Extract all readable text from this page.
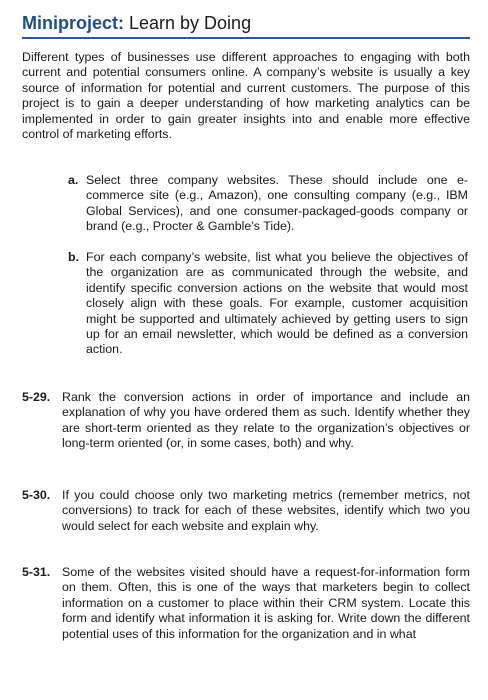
Miniproject: Learn by Doing
Different types of businesses use different approaches to engaging with both current and potential consumers online. A company’s website is usually a key source of information for potential and current customers. The purpose of this project is to gain a deeper understanding of how marketing analytics can be implemented in order to gain greater insights into and enable more effective control of marketing efforts.
a. Select three company websites. These should include one e-commerce site (e.g., Amazon), one consulting company (e.g., IBM Global Services), and one consumer-packaged-goods company or brand (e.g., Procter & Gamble’s Tide).
b. For each company’s website, list what you believe the objectives of the organization are as communicated through the website, and identify specific conversion actions on the website that would most closely align with these goals. For example, customer acquisition might be supported and ultimately achieved by getting users to sign up for an email newsletter, which would be defined as a conversion action.
5-29. Rank the conversion actions in order of importance and include an explanation of why you have ordered them as such. Identify whether they are short-term oriented as they relate to the organization’s objectives or long-term oriented (or, in some cases, both) and why.
5-30. If you could choose only two marketing metrics (remember metrics, not conversions) to track for each of these websites, identify which two you would select for each website and explain why.
5-31. Some of the websites visited should have a request-for-information form on them. Often, this is one of the ways that marketers begin to collect information on a customer to place within their CRM system. Locate this form and identify what information it is asking for. Write down the different potential uses of this information for the organization and in what
